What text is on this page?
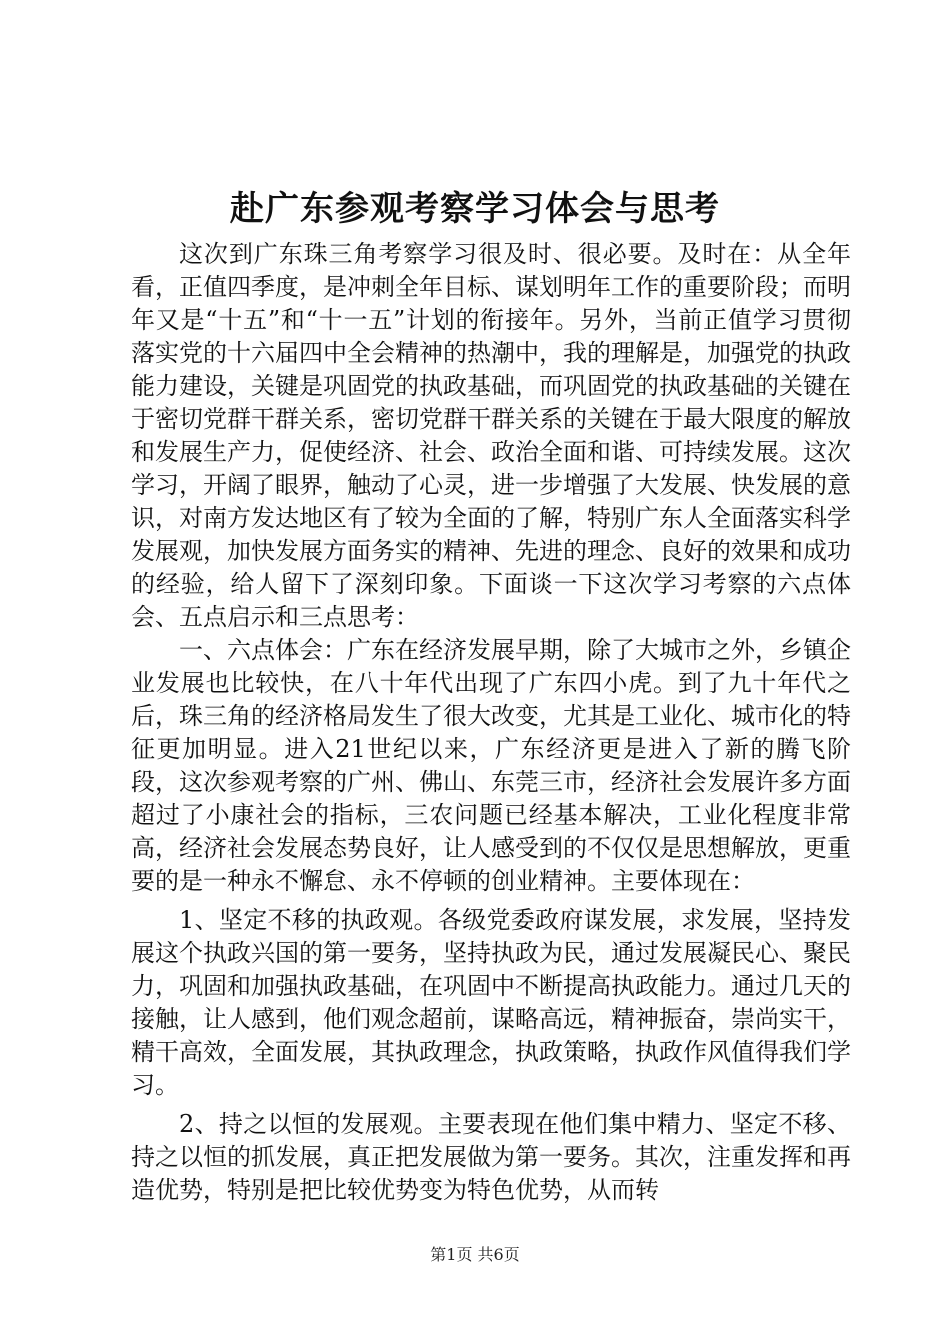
赴广东参观考察学习体会与思考

这次到广东珠三角考察学习很及时、很必要。及时在：从全年看，正值四季度，是冲刺全年目标、谋划明年工作的重要阶段；而明年又是“十五”和“十一五”计划的衔接年。另外，当前正值学习贯彻落实党的十六届四中全会精神的热潮中，我的理解是，加强党的执政能力建设，关键是巩固党的执政基础，而巩固党的执政基础的关键在于密切党群干群关系，密切党群干群关系的关键在于最大限度的解放和发展生产力，促使经济、社会、政治全面和谐、可持续发展。这次学习，开阔了眼界，触动了心灵，进一步增强了大发展、快发展的意识，对南方发达地区有了较为全面的了解，特别广东人全面落实科学发展观，加快发展方面务实的精神、先进的理念、良好的效果和成功的经验，给人留下了深刻印象。下面谈一下这次学习考察的六点体会、五点启示和三点思考：

一、六点体会：广东在经济发展早期，除了大城市之外，乡镇企业发展也比较快，在八十年代出现了广东四小虎。到了九十年代之后，珠三角的经济格局发生了很大改变，尤其是工业化、城市化的特征更加明显。进入21世纪以来，广东经济更是进入了新的腾飞阶段，这次参观考察的广州、佛山、东莞三市，经济社会发展许多方面超过了小康社会的指标，三农问题已经基本解决，工业化程度非常高，经济社会发展态势良好，让人感受到的不仅仅是思想解放，更重要的是一种永不懈怠、永不停顿的创业精神。主要体现在：

1、坚定不移的执政观。各级党委政府谋发展，求发展，坚持发展这个执政兴国的第一要务，坚持执政为民，通过发展凝民心、聚民力，巩固和加强执政基础，在巩固中不断提高执政能力。通过几天的接触，让人感到，他们观念超前，谋略高远，精神振奋，崇尚实干，精干高效，全面发展，其执政理念，执政策略，执政作风值得我们学习。

2、持之以恒的发展观。主要表现在他们集中精力、坚定不移、持之以恒的抓发展，真正把发展做为第一要务。其次，注重发挥和再造优势，特别是把比较优势变为特色优势，从而转

第1页 共6页
